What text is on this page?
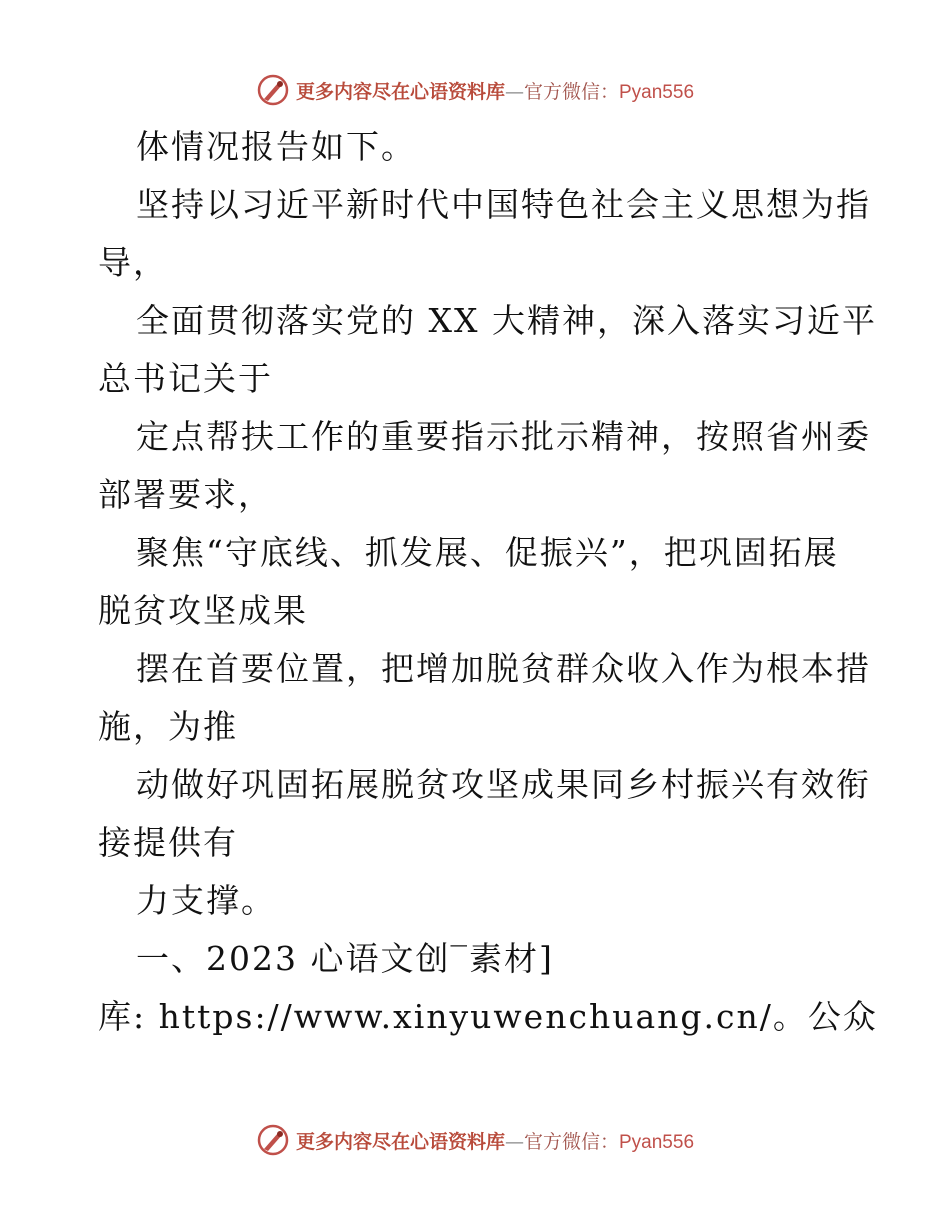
更多内容尽在心语资料库—官方微信：Pyan556
体情况报告如下。
坚持以习近平新时代中国特色社会主义思想为指
导，
全面贯彻落实党的 XX 大精神，深入落实习近平
总书记关于
定点帮扶工作的重要指示批示精神，按照省州委
部署要求，
聚焦“守底线、抓发展、促振兴”，把巩固拓展
脱贫攻坚成果
摆在首要位置，把增加脱贫群众收入作为根本措
施，为推
动做好巩固拓展脱贫攻坚成果同乡村振兴有效衔
接提供有
力支撑。
一、2023 心语文创‾素材]
库: https://www.xinyuwenchuang.cn/。公众
更多内容尽在心语资料库—官方微信：Pyan556
